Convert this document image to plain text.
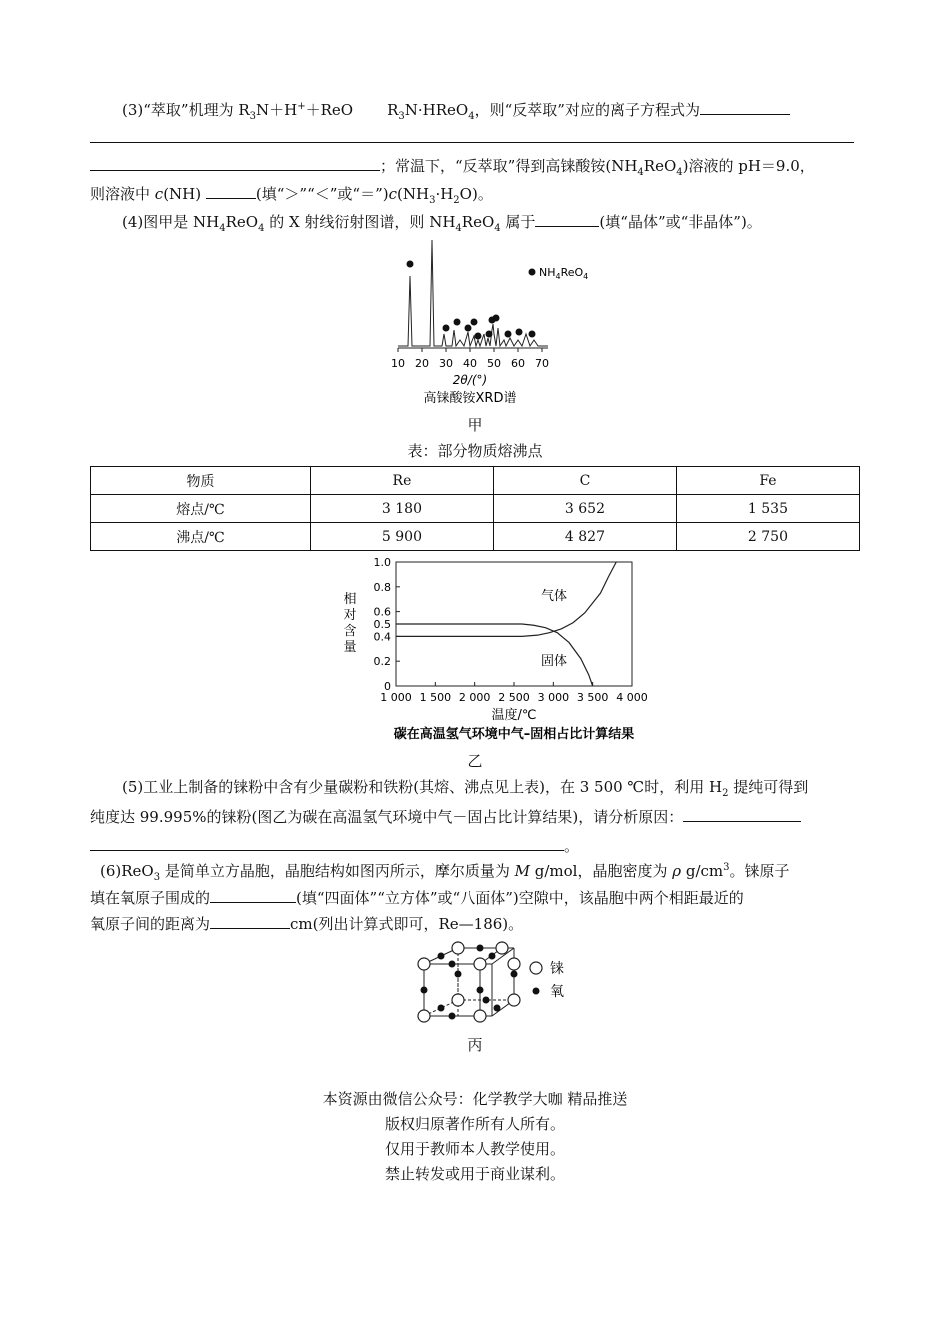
(3)“萃取”机理为 $R_3N+H^++ReO$ $R_3N\cdot HReO_4$，则“反萃取”对应的离子方程式为
；常温下，“反萃取”得到高铼酸铵$(NH_4ReO_4)$溶液的 pH＝9.0，
则溶液中 c(NH)	(填“＞”“＜”或“$=”)c(NH_3\cdot H_2O)$。
(4)图甲是 $NH_4ReO_4$ 的 X 射线衍射图谱，则 $NH_4ReO_4$ 属于	(填“晶体”或“非晶体”)。
$NH_4ReO_4$
10 20 30 40 50 60 70
2θ/(°)
高铼酸铵XRD谱
甲
表：部分物质熔沸点
物质	Re	C	Fe
熔点/℃	3 180	3 652	1 535
沸点/℃	5 900	4 827	2 750
0
0.2
0.4
0.5
0.6
0.8
1.0
1 000 1 500 2 000 2 500 3 000 3 500 4 000
相
对
含
量
气体
固体
温度/℃
碳在高温氢气环境中气–固相占比计算结果
乙
(5)工业上制备的铼粉中含有少量碳粉和铁粉(其熔、沸点见上表)，在 3 500 ℃时，利用 $H_2$ 提纯可得到
纯度达 99.995%的铼粉(图乙为碳在高温氢气环境中气－固占比计算结果)，请分析原因：
。
(6)ReO$_3$ 是简单立方晶胞，晶胞结构如图丙所示，摩尔质量为 M g/mol，晶胞密度为 ρ $g/cm^3$。铼原子
填在氧原子围成的	(填“四面体”“立方体”或“八面体”)空隙中，该晶胞中两个相距最近的
氧原子间的距离为	cm(列出计算式即可，Re—186)。
铼
氧
丙
本资源由微信公众号：化学教学大咖 精品推送
版权归原著作所有人所有。
仅用于教师本人教学使用。
禁止转发或用于商业谋利。
